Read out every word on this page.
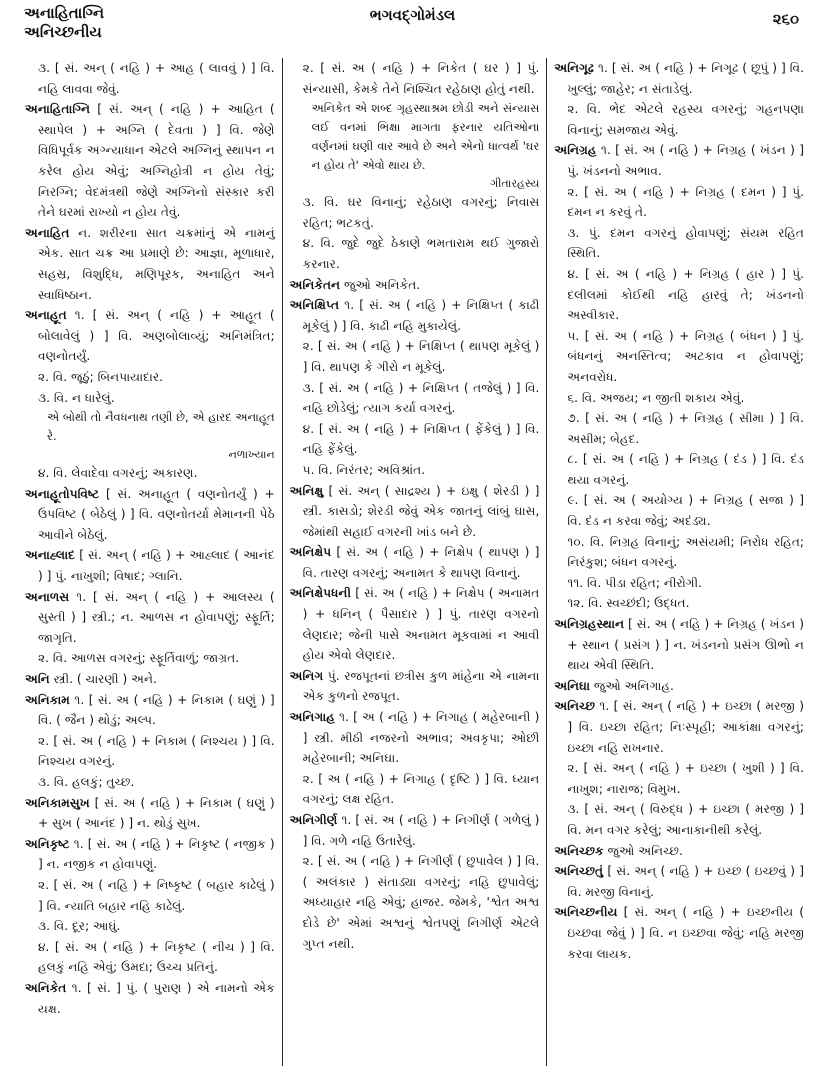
અનાહિતાગ્નિ
અનિચ્છનીય
ભગવદ્ગોમંડલ	૨૬૦

૩. [ સં. અન્ ( નહિ ) + આહ ( લાવવું ) ] વિ. નહિ લાવવા જેવું.

અનાહિતાગ્નિ [ સં. અન્ ( નહિ ) + આહિત ( સ્થાપેલ ) + અગ્નિ ( દેવતા ) ] વિ. જેણે વિધિપૂર્વક અગ્ન્યાધાન એટલે અગ્નિનું સ્થાપન ન કરેલ હોય એવું; અગ્નિહોત્રી ન હોય તેવું; નિરગ્નિ; વેદમંત્રથી જેણે અગ્નિનો સંસ્કાર કરી તેને ઘરમાં રાખ્યો ન હોય તેવું.

અનાહિત ન. શરીરના સાત ચક્રમાંનું એ નામનું એક. સાત ચક્ર આ પ્રમાણે છે: આજ્ઞા, મૂળાધાર, સહસ્ર, વિશુદ્ધિ, મણિપૂરક, અનાહિત અને સ્વાધિષ્ઠાન.

અનાહૂત ૧. [ સં. અન્ ( નહિ ) + આહૂત ( બોલાવેલું ) ] વિ. અણબોલાવ્યું; અનિમંત્રિત; વણનોતર્યું.

૨. વિ. જૂઠું; બિનપાયાદાર.

૩. વિ. ન ધારેલું.

એ બોથી તો નૈવધનાથ તણી છે, એ હારદ અનાહૂત રે.

નળાખ્યાન

૪. વિ. લેવાદેવા વગરનું; અકારણ.

અનાહૂતોપવિષ્ટ [ સં. અનાહૂત ( વણનોતર્યું ) + ઉપવિષ્ટ ( બેઠેલું ) ] વિ. વણનોતર્યા મેમાનની પેઠે આવીને બેઠેલું.

અનાહ્લાદ [ સં. અન્ ( નહિ ) + આહ્લાદ ( આનંદ ) ] પું. નાખુશી; વિષાદ; ગ્લાનિ.

અનાળસ ૧. [ સં. અન્ ( નહિ ) + આલસ્ય ( સુસ્તી ) ] સ્ત્રી.; ન. આળસ ન હોવાપણું; સ્ફૂર્તિ; જાગૃતિ.

૨. વિ. આળસ વગરનું; સ્ફૂર્તિવાળું; જાગ્રત.

અનિ સ્ત્રી. ( ચારણી ) અને.

અનિકામ ૧. [ સં. અ ( નહિ ) + નિકામ ( ઘણું ) ] વિ. ( જૈન ) થોડું; અલ્પ.

૨. [ સં. અ ( નહિ ) + નિકામ ( નિશ્ચય ) ] વિ. નિશ્ચય વગરનું.

૩. વિ. હલકું; તુચ્છ.

અનિકામસુખ [ સં. અ ( નહિ ) + નિકામ ( ઘણું ) + સુખ ( આનંદ ) ] ન. થોડું સુખ.

અનિકૃષ્ટ ૧. [ સં. અ ( નહિ ) + નિકૃષ્ટ ( નજીક ) ] ન. નજીક ન હોવાપણું.

૨. [ સં. અ ( નહિ ) + નિષ્કૃષ્ટ ( બહાર કાઢેલું ) ] વિ. ન્યાતિ બહાર નહિ કાઢેલું.

૩. વિ. દૂર; આઘું.

૪. [ સં. અ ( નહિ ) + નિકૃષ્ટ ( નીચ ) ] વિ. હલકું નહિ એવું; ઉમદા; ઉચ્ચ પ્રતિનું.

અનિકેત ૧. [ સં. ] પું. ( પુરાણ ) એ નામનો એક યક્ષ.

૨. [ સં. અ ( નહિ ) + નિકેત ( ઘર ) ] પું. સંન્યાસી, કેમકે તેને નિશ્ચિત રહેઠાણ હોતું નથી.

અનિકેત એ શબ્દ ગૃહસ્થાશ્રમ છોડી અને સંન્યાસ લઈ વનમાં ભિક્ષા માગતા ફરનાર યતિઓના વર્ણનમાં ઘણી વાર આવે છે અને એનો ધાત્વર્થ 'ઘર ન હોય તે' એવો થાય છે.

ગીતારહસ્ય

૩. વિ. ઘર વિનાનું; રહેઠાણ વગરનું; નિવાસ રહિત; ભટકતું.

૪. વિ. જુદે જુદે ઠેકાણે ભમતારામ થઈ ગુજારો કરનાર.

અનિકેતન જુઓ અનિકેત.

અનિક્ષિપ્ત ૧. [ સં. અ ( નહિ ) + નિક્ષિપ્ત ( કાઢી મૂકેલું ) ] વિ. કાઢી નહિ મુકાયેલું.

૨. [ સં. અ ( નહિ ) + નિક્ષિપ્ત ( થાપણ મૂકેલું ) ] વિ. થાપણ કે ગીરો ન મૂકેલું.

૩. [ સં. અ ( નહિ ) + નિક્ષિપ્ત ( તજેલું ) ] વિ. નહિ છોડેલું; ત્યાગ કર્યા વગરનું.

૪. [ સં. અ ( નહિ ) + નિક્ષિપ્ત ( ફેંકેલું ) ] વિ. નહિ ફેંકેલું.

૫. વિ. નિરંતર; અવિશ્રાંત.

અનિક્ષુ [ સં. અન્ ( સાદ્રશ્ય ) + ઇક્ષુ ( શેરડી ) ] સ્ત્રી. કાસડો; શેરડી જેવું એક જાતનું લાંબું ઘાસ, જેમાંથી સહાઈ વગરની ખાંડ બને છે.

અનિક્ષેપ [ સં. અ ( નહિ ) + નિક્ષેપ ( થાપણ ) ] વિ. તારણ વગરનું; અનામત કે થાપણ વિનાનું.

અનિક્ષેપધની [ સં. અ ( નહિ ) + નિક્ષેપ ( અનામત ) + ધનિન્ ( પૈસાદાર ) ] પું. તારણ વગરનો લેણદાર; જેની પાસે અનામત મૂકવામાં ન આવી હોય એવો લેણદાર.

અનિગ પું. રજપૂતનાં છત્રીસ કુળ માંહેના એ નામના એક કુળનો રજપૂત.

અનિગાહ ૧. [ અ ( નહિ ) + નિગાહ ( મહેરબાની ) ] સ્ત્રી. મીઠી નજરનો અભાવ; અવકૃપા; ઓછી મહેરબાની; અનિઘા.

૨. [ અ ( નહિ ) + નિગાહ ( દૃષ્ટિ ) ] વિ. ધ્યાન વગરનું; લક્ષ રહિત.

અનિગીર્ણ ૧. [ સં. અ ( નહિ ) + નિગીર્ણ ( ગળેલું ) ] વિ. ગળે નહિ ઉતારેલું.

૨. [ સં. અ ( નહિ ) + નિગીર્ણ ( છુપાવેલ ) ] વિ. ( અલંકાર ) સંતાડ્યા વગરનું; નહિ છુપાવેલું; અધ્યાહાર નહિ એવું; હાજર. જેમકે, 'શ્વેત અશ્વ દોડે છે' એમાં અશ્વનું શ્વેતપણું નિગીર્ણ એટલે ગુપ્ત નથી.

અનિગૂઢ ૧. [ સં. અ ( નહિ ) + નિગૂઢ ( છૂપું ) ] વિ. ખુલ્લું; જાહેર; ન સંતાડેલું.

૨. વિ. ભેદ એટલે રહસ્ય વગરનું; ગહનપણા વિનાનું; સમજાય એવું.

અનિગ્રહ ૧. [ સં. અ ( નહિ ) + નિગ્રહ ( ખંડન ) ] પું. ખંડનનો અભાવ.

૨. [ સં. અ ( નહિ ) + નિગ્રહ ( દમન ) ] પું. દમન ન કરવું તે.

૩. પું. દમન વગરનું હોવાપણું; સંયમ રહિત સ્થિતિ.

૪. [ સં. અ ( નહિ ) + નિગ્રહ ( હાર ) ] પું. દલીલમાં કોઈથી નહિ હારવું તે; ખંડનનો અસ્વીકાર.

૫. [ સં. અ ( નહિ ) + નિગ્રહ ( બંધન ) ] પું. બંધનનું અનસ્તિત્વ; અટકાવ ન હોવાપણું; અનવરોધ.

૬. વિ. અજય; ન જીતી શકાય એવું.

૭. [ સં. અ ( નહિ ) + નિગ્રહ ( સીમા ) ] વિ. અસીમ; બેહદ.

૮. [ સં. અ ( નહિ ) + નિગ્રહ ( દંડ ) ] વિ. દંડ થયા વગરનું.

૯. [ સં. અ ( અયોગ્ય ) + નિગ્રહ ( સજા ) ] વિ. દંડ ન કરવા જેવું; અદંડ્ય.

૧૦. વિ. નિગ્રહ વિનાનું; અસંયમી; નિરોધ રહિત; નિરંકુશ; બંધન વગરનું.

૧૧. વિ. પીડા રહિત; નીરોગી.

૧૨. વિ. સ્વચ્છંદી; ઉદ્ધત.

અનિગ્રહસ્થાન [ સં. અ ( નહિ ) + નિગ્રહ ( ખંડન ) + સ્થાન ( પ્રસંગ ) ] ન. ખંડનનો પ્રસંગ ઊભો ન થાય એવી સ્થિતિ.

અનિઘા જુઓ અનિગાહ.

અનિચ્છ ૧. [ સં. અન્ ( નહિ ) + ઇચ્છા ( મરજી ) ] વિ. ઇચ્છા રહિત; નિઃસ્પૃહી; આકાંક્ષા વગરનું; ઇચ્છા નહિ રાખનાર.

૨. [ સં. અન્ ( નહિ ) + ઇચ્છા ( ખુશી ) ] વિ. નાખુશ; નારાજ; વિમુખ.

૩. [ સં. અન્ ( વિરુદ્ધ ) + ઇચ્છા ( મરજી ) ] વિ. મન વગર કરેલું; આનાકાનીથી કરેલું.

અનિચ્છક જુઓ અનિચ્છ.

અનિચ્છતું [ સં. અન્ ( નહિ ) + ઇચ્છ ( ઇચ્છવું ) ] વિ. મરજી વિનાનું.

અનિચ્છનીય [ સં. અન્ ( નહિ ) + ઇચ્છનીય ( ઇચ્છવા જેવું ) ] વિ. ન ઇચ્છવા જેવું; નહિ મરજી કરવા લાયક.
